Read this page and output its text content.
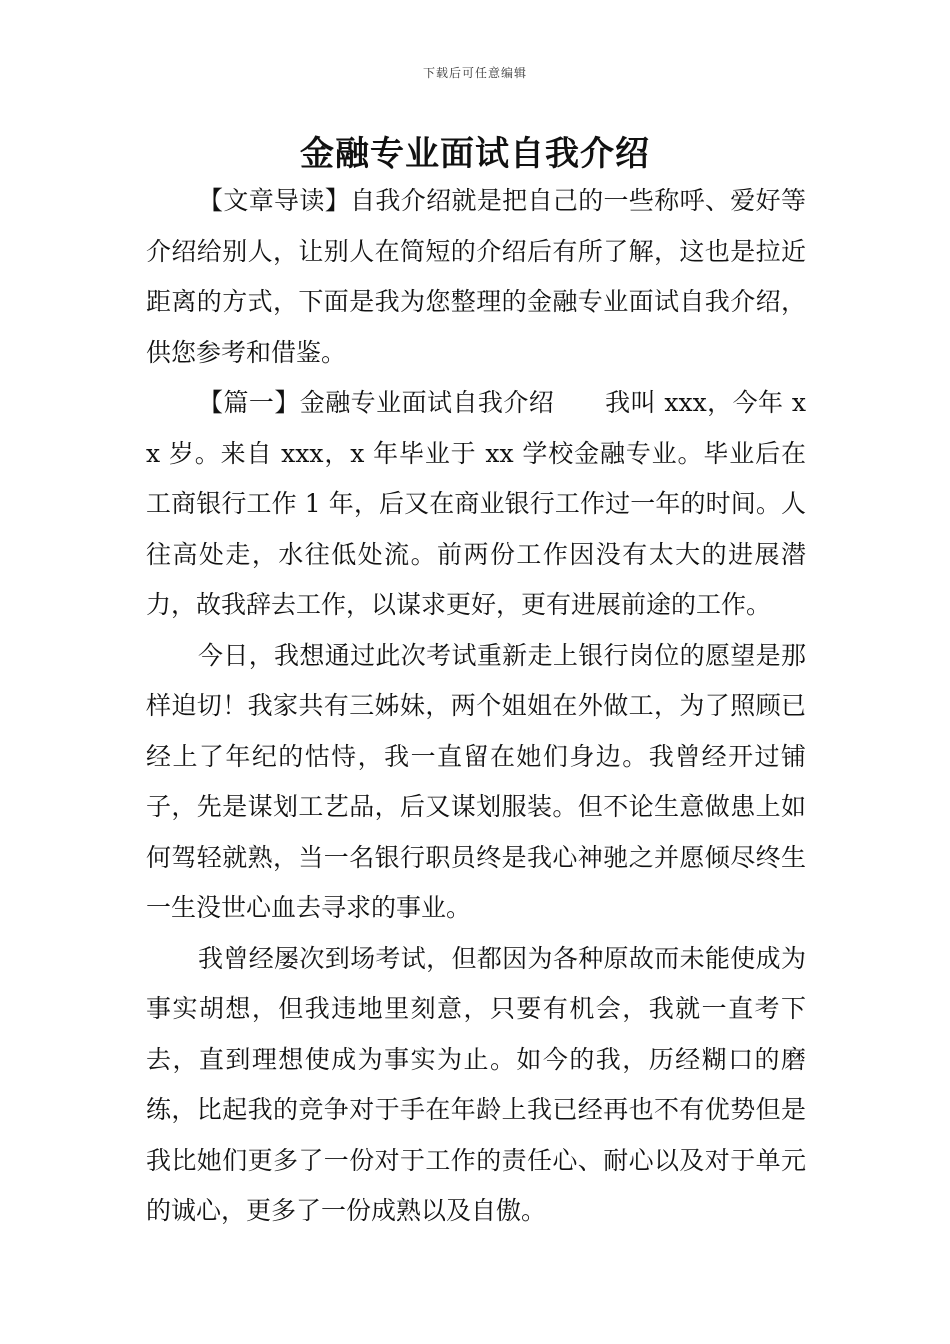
下载后可任意编辑
金融专业面试自我介绍

【文章导读】自我介绍就是把自己的一些称呼、爱好等介绍给别人，让别人在简短的介绍后有所了解，这也是拉近距离的方式，下面是我为您整理的金融专业面试自我介绍，供您参考和借鉴。

【篇一】金融专业面试自我介绍　　我叫 xxx，今年 xx 岁。来自 xxx，x 年毕业于 xx 学校金融专业。毕业后在工商银行工作 1 年，后又在商业银行工作过一年的时间。人往高处走，水往低处流。前两份工作因没有太大的进展潜力，故我辞去工作，以谋求更好，更有进展前途的工作。

今日，我想通过此次考试重新走上银行岗位的愿望是那样迫切！我家共有三姊妹，两个姐姐在外做工，为了照顾已经上了年纪的怙恃，我一直留在她们身边。我曾经开过铺子，先是谋划工艺品，后又谋划服装。但不论生意做患上如何驾轻就熟，当一名银行职员终是我心神驰之并愿倾尽终生一生没世心血去寻求的事业。

我曾经屡次到场考试，但都因为各种原故而未能使成为事实胡想，但我违地里刻意，只要有机会，我就一直考下去，直到理想使成为事实为止。如今的我，历经糊口的磨练，比起我的竞争对于手在年龄上我已经再也不有优势但是我比她们更多了一份对于工作的责任心、耐心以及对于单元的诚心，更多了一份成熟以及自傲。
